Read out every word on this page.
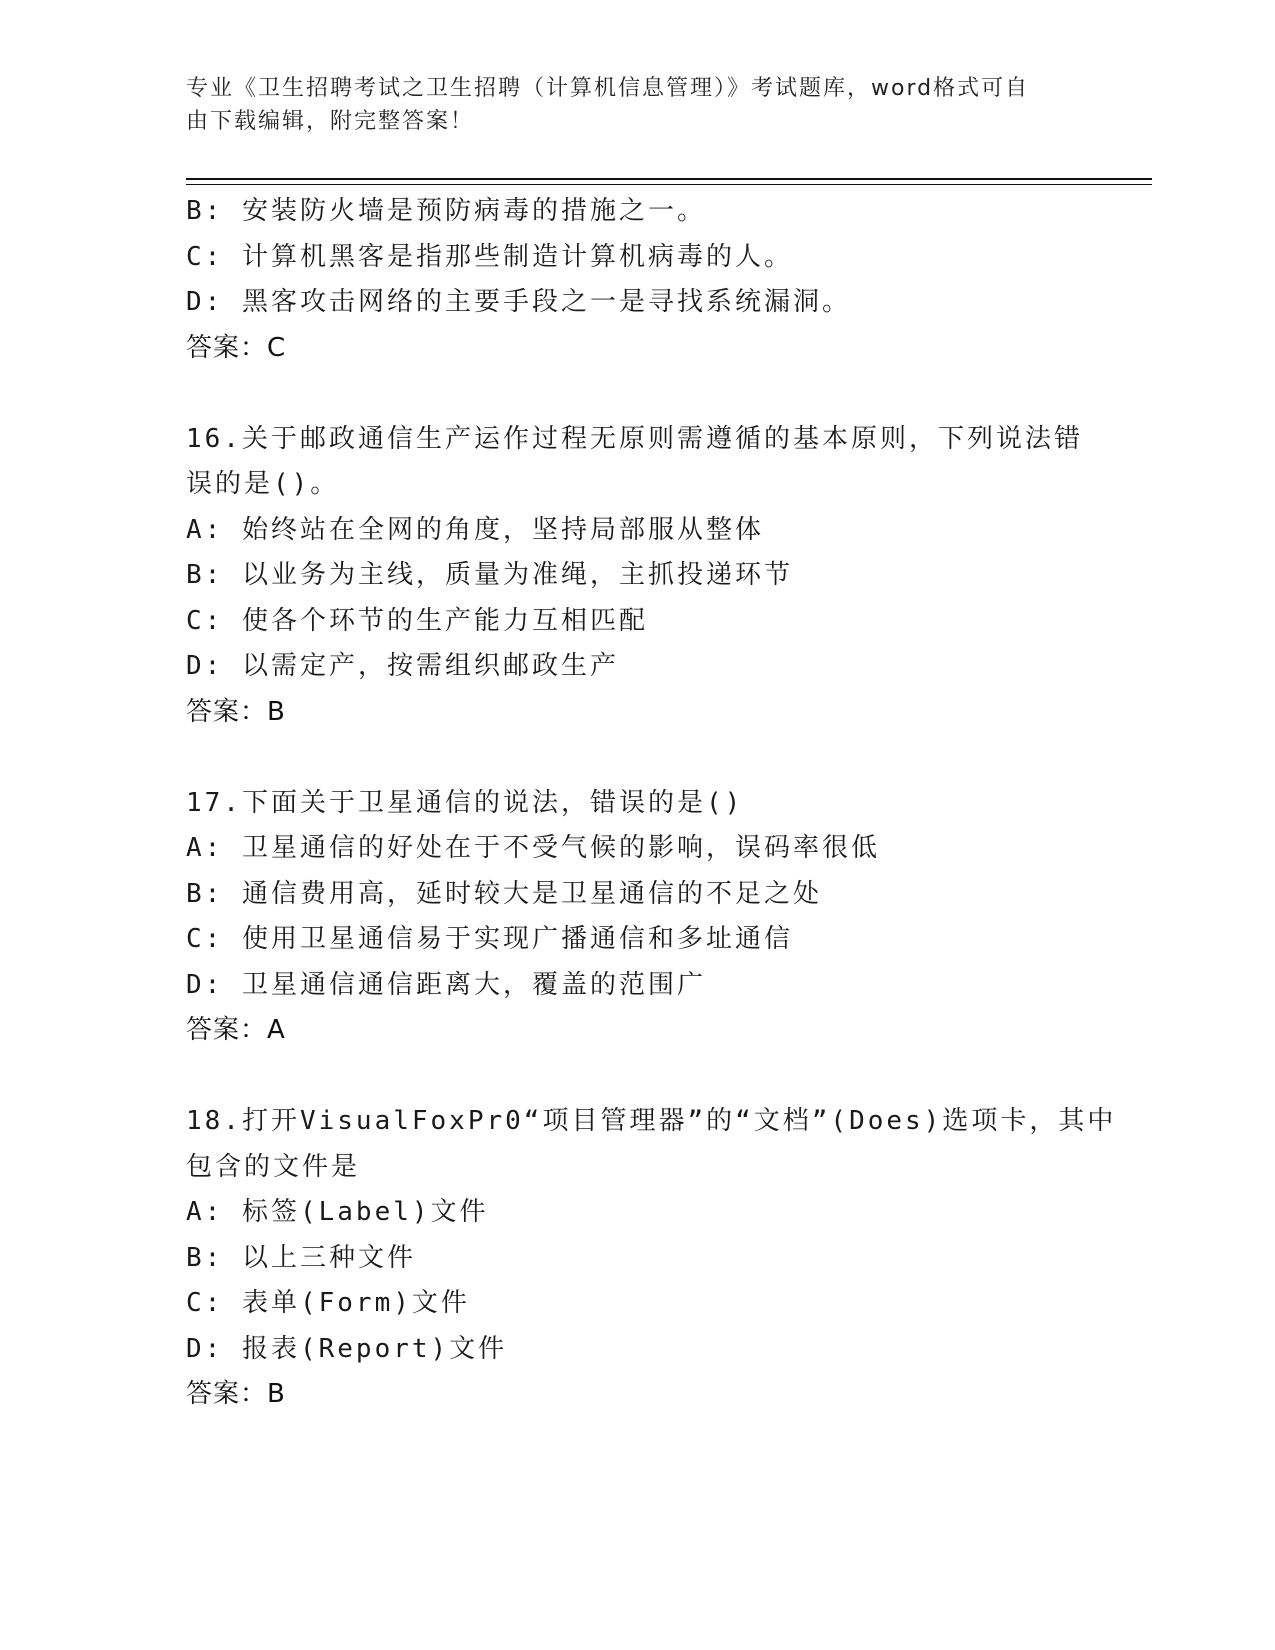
专业《卫生招聘考试之卫生招聘（计算机信息管理）》考试题库，word格式可自
由下载编辑，附完整答案！
B: 安装防火墙是预防病毒的措施之一。
C: 计算机黑客是指那些制造计算机病毒的人。
D: 黑客攻击网络的主要手段之一是寻找系统漏洞。
答案：C
16.关于邮政通信生产运作过程无原则需遵循的基本原则，下列说法错
误的是()。
A: 始终站在全网的角度，坚持局部服从整体
B: 以业务为主线，质量为准绳，主抓投递环节
C: 使各个环节的生产能力互相匹配
D: 以需定产，按需组织邮政生产
答案：B
17.下面关于卫星通信的说法，错误的是()
A: 卫星通信的好处在于不受气候的影响，误码率很低
B: 通信费用高，延时较大是卫星通信的不足之处
C: 使用卫星通信易于实现广播通信和多址通信
D: 卫星通信通信距离大，覆盖的范围广
答案：A
18.打开VisualFoxPr0“项目管理器”的“文档”(Does)选项卡，其中
包含的文件是
A: 标签(Label)文件
B: 以上三种文件
C: 表单(Form)文件
D: 报表(Report)文件
答案：B
